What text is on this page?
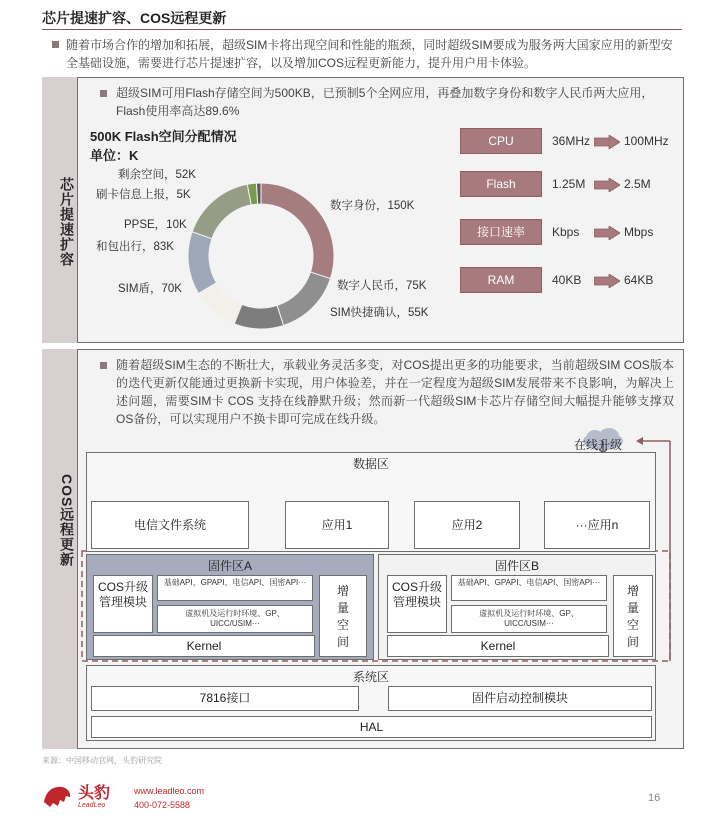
芯片提速扩容、COS远程更新
随着市场合作的增加和拓展，超级SIM卡将出现空间和性能的瓶颈，同时超级SIM要成为服务两大国家应用的新型安全基础设施，需要进行芯片提速扩容，以及增加COS远程更新能力，提升用户用卡体验。
芯片提速扩容
超级SIM可用Flash存储空间为500KB，已预制5个全网应用，再叠加数字身份和数字人民币两大应用，Flash使用率高达89.6%
500K Flash空间分配情况
单位：K
数字身份，150K
数字人民币，75K
SIM快捷确认，55K
剩余空间，52K
SIM盾，70K
和包出行，83K
PPSE，10K
刷卡信息上报，5K
CPU	36MHz	100MHz
Flash	1.25M	2.5M
接口速率	Kbps	Mbps
RAM	40KB	64KB
COS远程更新
随着超级SIM生态的不断壮大，承载业务灵活多变，对COS提出更多的功能要求，当前超级SIM COS版本的迭代更新仅能通过更换新卡实现，用户体验差，并在一定程度为超级SIM发展带来不良影响，为解决上述问题，需要SIM卡 COS 支持在线静默升级；然而新一代超级SIM卡芯片存储空间大幅提升能够支撑双OS备份，可以实现用户不换卡即可完成在线升级。
在线升级
数据区
电信文件系统	应用1	应用2	···应用n
固件区A
COS升级管理模块
基础API、GPAPI、电信API、国密API···
虚拟机及运行时环境、GP、UICC/USIM···
增量空间
Kernel
固件区B
COS升级管理模块
基础API、GPAPI、电信API、国密API···
虚拟机及运行时环境、GP、UICC/USIM···
增量空间
Kernel
系统区
7816接口	固件启动控制模块
HAL
来源：中国移动官网，头豹研究院
头豹
LeadLeo
www.leadleo.com
400-072-5588
16
